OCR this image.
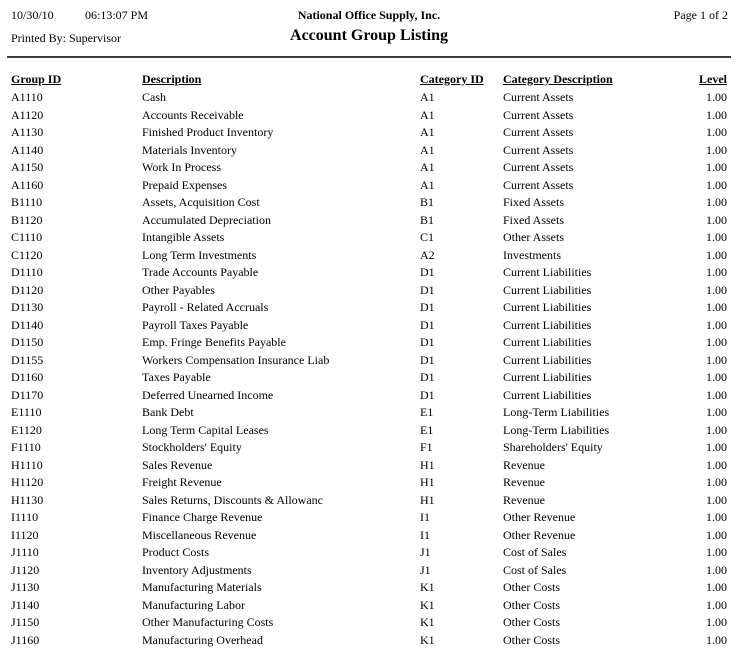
10/30/10	06:13:07 PM	National Office Supply, Inc.	Page 1 of 2
Printed By: Supervisor	Account Group Listing
Group ID	Description	Category ID	Category Description	Level
A1110	Cash	A1	Current Assets	1.00
A1120	Accounts Receivable	A1	Current Assets	1.00
A1130	Finished Product Inventory	A1	Current Assets	1.00
A1140	Materials Inventory	A1	Current Assets	1.00
A1150	Work In Process	A1	Current Assets	1.00
A1160	Prepaid Expenses	A1	Current Assets	1.00
B1110	Assets, Acquisition Cost	B1	Fixed Assets	1.00
B1120	Accumulated Depreciation	B1	Fixed Assets	1.00
C1110	Intangible Assets	C1	Other Assets	1.00
C1120	Long Term Investments	A2	Investments	1.00
D1110	Trade Accounts Payable	D1	Current Liabilities	1.00
D1120	Other Payables	D1	Current Liabilities	1.00
D1130	Payroll - Related Accruals	D1	Current Liabilities	1.00
D1140	Payroll Taxes Payable	D1	Current Liabilities	1.00
D1150	Emp. Fringe Benefits Payable	D1	Current Liabilities	1.00
D1155	Workers Compensation Insurance Liab	D1	Current Liabilities	1.00
D1160	Taxes Payable	D1	Current Liabilities	1.00
D1170	Deferred Unearned Income	D1	Current Liabilities	1.00
E1110	Bank Debt	E1	Long-Term Liabilities	1.00
E1120	Long Term Capital Leases	E1	Long-Term Liabilities	1.00
F1110	Stockholders' Equity	F1	Shareholders' Equity	1.00
H1110	Sales Revenue	H1	Revenue	1.00
H1120	Freight Revenue	H1	Revenue	1.00
H1130	Sales Returns, Discounts & Allowanc	H1	Revenue	1.00
I1110	Finance Charge Revenue	I1	Other Revenue	1.00
I1120	Miscellaneous Revenue	I1	Other Revenue	1.00
J1110	Product Costs	J1	Cost of Sales	1.00
J1120	Inventory Adjustments	J1	Cost of Sales	1.00
J1130	Manufacturing Materials	K1	Other Costs	1.00
J1140	Manufacturing Labor	K1	Other Costs	1.00
J1150	Other Manufacturing Costs	K1	Other Costs	1.00
J1160	Manufacturing Overhead	K1	Other Costs	1.00
